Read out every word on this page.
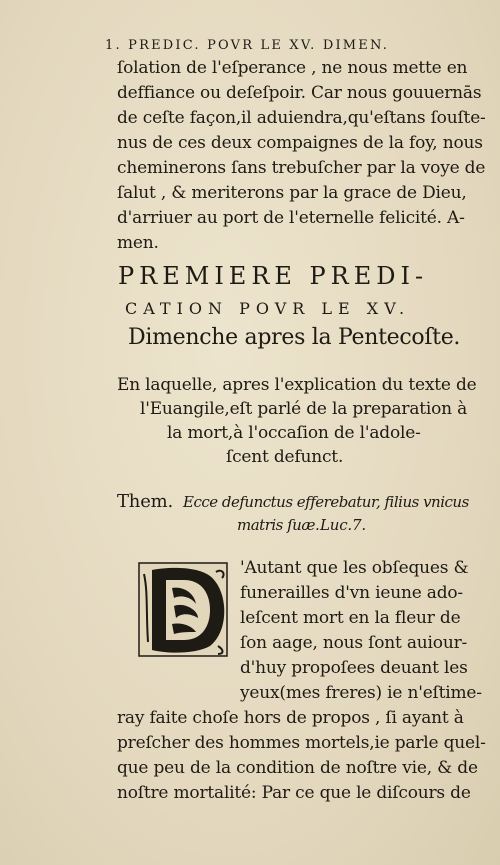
1. PREDIC. POVR LE XV. DIMEN.
ſolation de l'eſperance , ne nous mette en
deffiance ou deſeſpoir. Car nous gouuernās
de ceſte façon,il aduiendra,qu'eſtans ſouſte-
nus de ces deux compaignes de la foy, nous
cheminerons ſans trebuſcher par la voye de
ſalut , & meriterons par la grace de Dieu,
d'arriuer au port de l'eternelle felicité. A-
men.
PREMIERE PREDI-
CATION POVR LE XV.
Dimenche apres la Pentecoſte.
En laquelle, apres l'explication du texte de
l'Euangile,eſt parlé de la preparation à
la mort,à l'occaſion de l'adole-
ſcent defunct.
Them. Ecce defunctus efferebatur, filius vnicus
matris ſuæ. Luc.7.
'Autant que les obſeques &
funerailles d'vn ieune ado-
leſcent mort en la fleur de
ſon aage, nous ſont auiour-
d'huy propoſees deuant les
yeux(mes freres) ie n'eſtime-
ray faite choſe hors de propos , ſi ayant à
preſcher des hommes mortels,ie parle quel-
que peu de la condition de noſtre vie, & de
noſtre mortalité: Par ce que le diſcours de
